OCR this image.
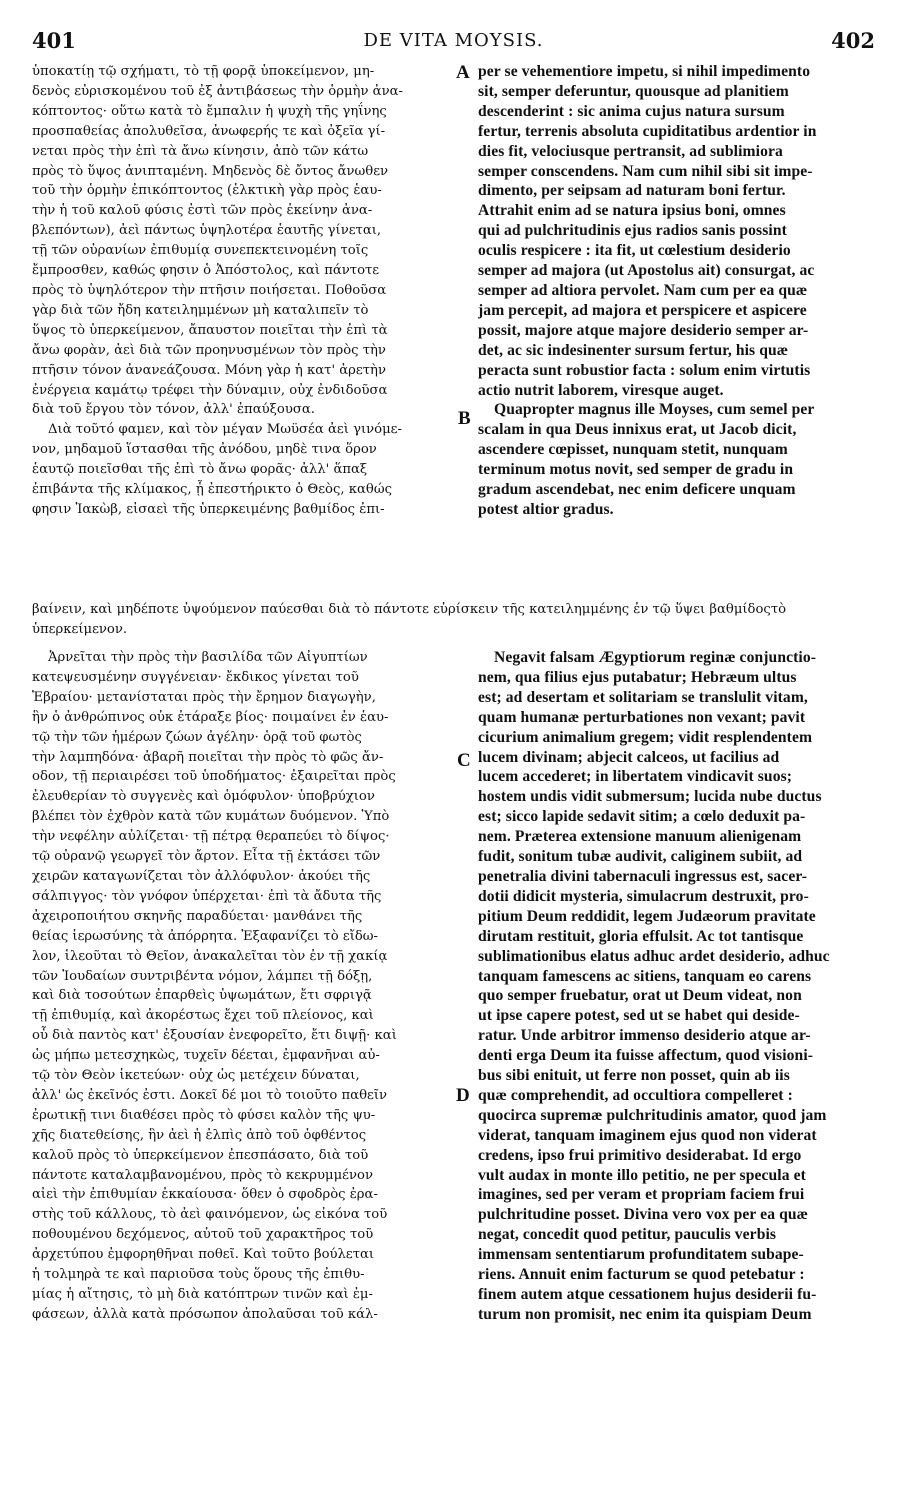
401	DE VITA MOYSIS.	402
ὑποκατίῃ τῷ σχήματι, τὸ τῇ φορᾷ ὑποκείμενον, μη-
δενὸς εὑρισκομένου τοῦ ἐξ ἀντιβάσεως τὴν ὁρμὴν ἀνα-
κόπτοντος· οὕτω κατὰ τὸ ἔμπαλιν ἡ ψυχὴ τῆς γηΐνης
προσπαθείας ἀπολυθεῖσα, ἀνωφερής τε καὶ ὀξεῖα γί-
νεται πρὸς τὴν ἐπὶ τὰ ἄνω κίνησιν, ἀπὸ τῶν κάτω
πρὸς τὸ ὕψος ἀνιπταμένη. Μηδενὸς δὲ ὄντος ἄνωθεν
τοῦ τὴν ὁρμὴν ἐπικόπτοντος (ἑλκτικὴ γὰρ πρὸς ἑαυ-
τὴν ἡ τοῦ καλοῦ φύσις ἐστὶ τῶν πρὸς ἐκείνην ἀνα-
βλεπόντων), ἀεὶ πάντως ὑψηλοτέρα ἑαυτῆς γίνεται,
τῇ τῶν οὐρανίων ἐπιθυμίᾳ συνεπεκτεινομένη τοῖς
ἔμπροσθεν, καθώς φησιν ὁ Ἀπόστολος, καὶ πάντοτε
πρὸς τὸ ὑψηλότερον τὴν πτῆσιν ποιήσεται. Ποθοῦσα
γὰρ διὰ τῶν ἤδη κατειλημμένων μὴ καταλιπεῖν τὸ
ὕψος τὸ ὑπερκείμενον, ἄπαυστον ποιεῖται τὴν ἐπὶ τὰ
ἄνω φορὰν, ἀεὶ διὰ τῶν προηνυσμένων τὸν πρὸς τὴν
πτῆσιν τόνον ἀνανεάζουσα. Μόνη γὰρ ἡ κατ' ἀρετὴν
ἐνέργεια καμάτῳ τρέφει τὴν δύναμιν, οὐχ ἐνδιδοῦσα
διὰ τοῦ ἔργου τὸν τόνον, ἀλλ' ἐπαύξουσα.
Διὰ τοῦτό φαμεν, καὶ τὸν μέγαν Μωϋσέα ἀεὶ γινόμε-
νον, μηδαμοῦ ἵστασθαι τῆς ἀνόδου, μηδὲ τινα ὅρον
ἑαυτῷ ποιεῖσθαι τῆς ἐπὶ τὸ ἄνω φορᾶς· ἀλλ' ἅπαξ
ἐπιβάντα τῆς κλίμακος, ᾗ ἐπεστήρικτο ὁ Θεὸς, καθώς
φησιν Ἰακὼβ, εἰσαεὶ τῆς ὑπερκειμένης βαθμίδος ἐπι-
per se vehementiore impetu, si nihil impedimento
sit, semper deferuntur, quousque ad planitiem
descenderint : sic anima cujus natura sursum
fertur, terrenis absoluta cupiditatibus ardentior in
dies fit, velociusque pertransit, ad sublimiora
semper conscendens. Nam cum nihil sibi sit impe-
dimento, per seipsam ad naturam boni fertur.
Attrahit enim ad se natura ipsius boni, omnes
qui ad pulchritudinis ejus radios sanis possint
oculis respicere : ita fit, ut cœlestium desiderio
semper ad majora (ut Apostolus ait) consurgat, ac
semper ad altiora pervolet. Nam cum per ea quæ
jam percepit, ad majora et perspicere et aspicere
possit, majore atque majore desiderio semper ar-
det, ac sic indesinenter sursum fertur, his quæ
peracta sunt robustior facta : solum enim virtutis
actio nutrit laborem, viresque auget.
Quapropter magnus ille Moyses, cum semel per
scalam in qua Deus innixus erat, ut Jacob dicit,
ascendere cœpisset, nunquam stetit, nunquam
terminum motus novit, sed semper de gradu in
gradum ascendebat, nec enim deficere unquam
potest altior gradus.
βαίνειν, καὶ μηδέποτε ὑψούμενον παύεσθαι διὰ τὸ πάντοτε εὑρίσκειν τῆς κατειλημμένης ἐν τῷ ὕψει βαθμίδοςτὸ ὑπερκείμενον.
Ἀρνεῖται τὴν πρὸς τὴν βασιλίδα τῶν Αἰγυπτίων
κατεψευσμένην συγγένειαν· ἔκδικος γίνεται τοῦ
Ἑβραίου· μετανίσταται πρὸς τὴν ἔρημον διαγωγὴν,
ἣν ὁ ἀνθρώπινος οὐκ ἐτάραξε βίος· ποιμαίνει ἐν ἑαυ-
τῷ τὴν τῶν ἡμέρων ζώων ἀγέλην· ὁρᾷ τοῦ φωτὸς
τὴν λαμπηδόνα· ἀβαρῆ ποιεῖται τὴν πρὸς τὸ φῶς ἄν-
οδον, τῇ περιαιρέσει τοῦ ὑποδήματος· ἐξαιρεῖται πρὸς
ἐλευθερίαν τὸ συγγενὲς καὶ ὁμόφυλον· ὑποβρύχιον
βλέπει τὸν ἐχθρὸν κατὰ τῶν κυμάτων δυόμενον. Ὑπὸ
τὴν νεφέλην αὐλίζεται· τῇ πέτρᾳ θεραπεύει τὸ δίψος·
τῷ οὐρανῷ γεωργεῖ τὸν ἄρτον. Εἶτα τῇ ἐκτάσει τῶν
χειρῶν καταγωνίζεται τὸν ἀλλόφυλον· ἀκούει τῆς
σάλπιγγος· τὸν γνόφον ὑπέρχεται· ἐπὶ τὰ ἄδυτα τῆς
ἀχειροποιήτου σκηνῆς παραδύεται· μανθάνει τῆς
θείας ἱερωσύνης τὰ ἀπόρρητα. Ἐξαφανίζει τὸ εἴδω-
λον, ἱλεοῦται τὸ Θεῖον, ἀνακαλεῖται τὸν ἐν τῇ χακίᾳ
τῶν Ἰουδαίων συντριβέντα νόμον, λάμπει τῇ δόξῃ,
καὶ διὰ τοσούτων ἐπαρθεὶς ὑψωμάτων, ἔτι σφριγᾷ
τῇ ἐπιθυμίᾳ, καὶ ἀκορέστως ἔχει τοῦ πλείονος, καὶ
οὗ διὰ παντὸς κατ' ἐξουσίαν ἐνεφορεῖτο, ἔτι διψῇ· καὶ
ὡς μήπω μετεσχηκὼς, τυχεῖν δέεται, ἐμφανῆναι αὐ-
τῷ τὸν Θεὸν ἱκετεύων· οὐχ ὡς μετέχειν δύναται,
ἀλλ' ὡς ἐκεῖνός ἐστι. Δοκεῖ δέ μοι τὸ τοιοῦτο παθεῖν
ἐρωτικῇ τινι διαθέσει πρὸς τὸ φύσει καλὸν τῆς ψυ-
χῆς διατεθείσης, ἣν ἀεὶ ἡ ἐλπὶς ἀπὸ τοῦ ὀφθέντος
καλοῦ πρὸς τὸ ὑπερκείμενον ἐπεσπάσατο, διὰ τοῦ
πάντοτε καταλαμβανομένου, πρὸς τὸ κεκρυμμένον
αἰεὶ τὴν ἐπιθυμίαν ἐκκαίουσα· ὅθεν ὁ σφοδρὸς ἐρα-
στὴς τοῦ κάλλους, τὸ ἀεὶ φαινόμενον, ὡς εἰκόνα τοῦ
ποθουμένου δεχόμενος, αὐτοῦ τοῦ χαρακτῆρος τοῦ
ἀρχετύπου ἐμφορηθῆναι ποθεῖ. Καὶ τοῦτο βούλεται
ἡ τολμηρὰ τε καὶ παριοῦσα τοὺς ὅρους τῆς ἐπιθυ-
μίας ἡ αἴτησις, τὸ μὴ διὰ κατόπτρων τινῶν καὶ ἐμ-
φάσεων, ἀλλὰ κατὰ πρόσωπον ἀπολαῦσαι τοῦ κάλ-
Negavit falsam Ægyptiorum reginæ conjunctio-
nem, qua filius ejus putabatur; Hebræum ultus
est; ad desertam et solitariam se translulit vitam,
quam humanæ perturbationes non vexant; pavit
cicurium animalium gregem; vidit resplendentem
lucem divinam; abjecit calceos, ut facilius ad
lucem accederet; in libertatem vindicavit suos;
hostem undis vidit submersum; lucida nube ductus
est; sicco lapide sedavit sitim; a cœlo deduxit pa-
nem. Præterea extensione manuum alienigenam
fudit, sonitum tubæ audivit, caliginem subiit, ad
penetralia divini tabernaculi ingressus est, sacer-
dotii didicit mysteria, simulacrum destruxit, pro-
pitium Deum reddidit, legem Judæorum pravitate
dirutam restituit, gloria effulsit. Ac tot tantisque
sublimationibus elatus adhuc ardet desiderio, adhuc
tanquam famescens ac sitiens, tanquam eo carens
quo semper fruebatur, orat ut Deum videat, non
ut ipse capere potest, sed ut se habet qui deside-
ratur. Unde arbitror immenso desiderio atque ar-
denti erga Deum ita fuisse affectum, quod visioni-
bus sibi enituit, ut ferre non posset, quin ab iis
quæ comprehendit, ad occultiora compelleret :
quocirca supremæ pulchritudinis amator, quod jam
viderat, tanquam imaginem ejus quod non viderat
credens, ipso frui primitivo desiderabat. Id ergo
vult audax in monte illo petitio, ne per specula et
imagines, sed per veram et propriam faciem frui
pulchritudine posset. Divina vero vox per ea quæ
negat, concedit quod petitur, pauculis verbis
immensam sententiarum profunditatem subape-
riens. Annuit enim facturum se quod petebatur :
finem autem atque cessationem hujus desiderii fu-
turum non promisit, nec enim ita quispiam Deum
A
B
C
D
